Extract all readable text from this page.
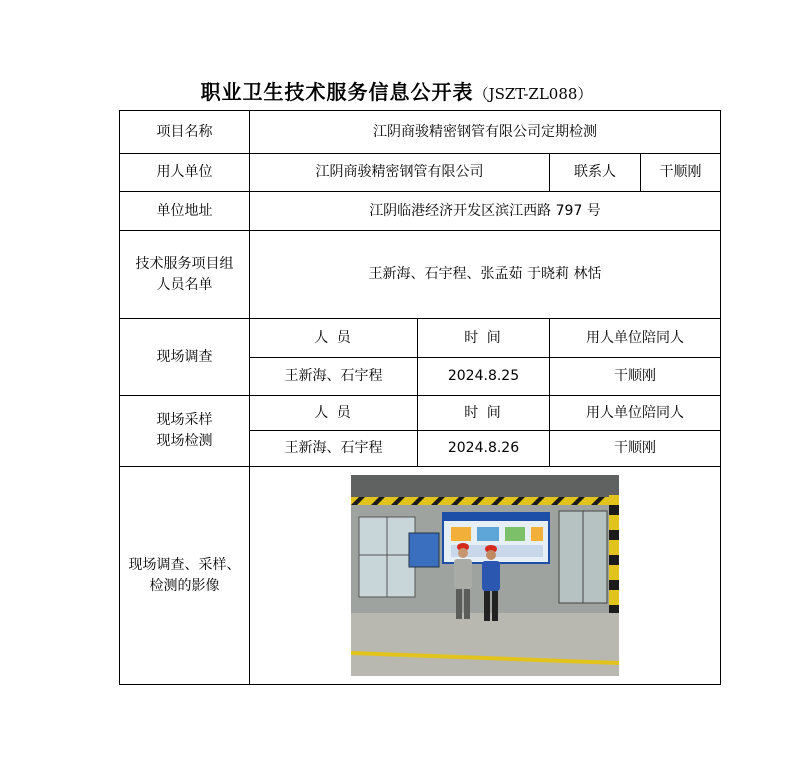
职业卫生技术服务信息公开表（JSZT-ZL088）
项目名称	江阴商骏精密钢管有限公司定期检测			
用人单位	江阴商骏精密钢管有限公司		联系人	干顺刚
单位地址	江阴临港经济开发区滨江西路 797 号			

技术服务项目组人员名单	王新海、石宇程、张孟茹 于晓莉 林恬			
现场调查	人 员	时 间	用人单位陪同人	
	王新海、石宇程	2024.8.25	干顺刚	

现场采样现场检测	人 员	时 间	用人单位陪同人	
	王新海、石宇程	2024.8.26	干顺刚	

现场调查、采样、检测的影像
